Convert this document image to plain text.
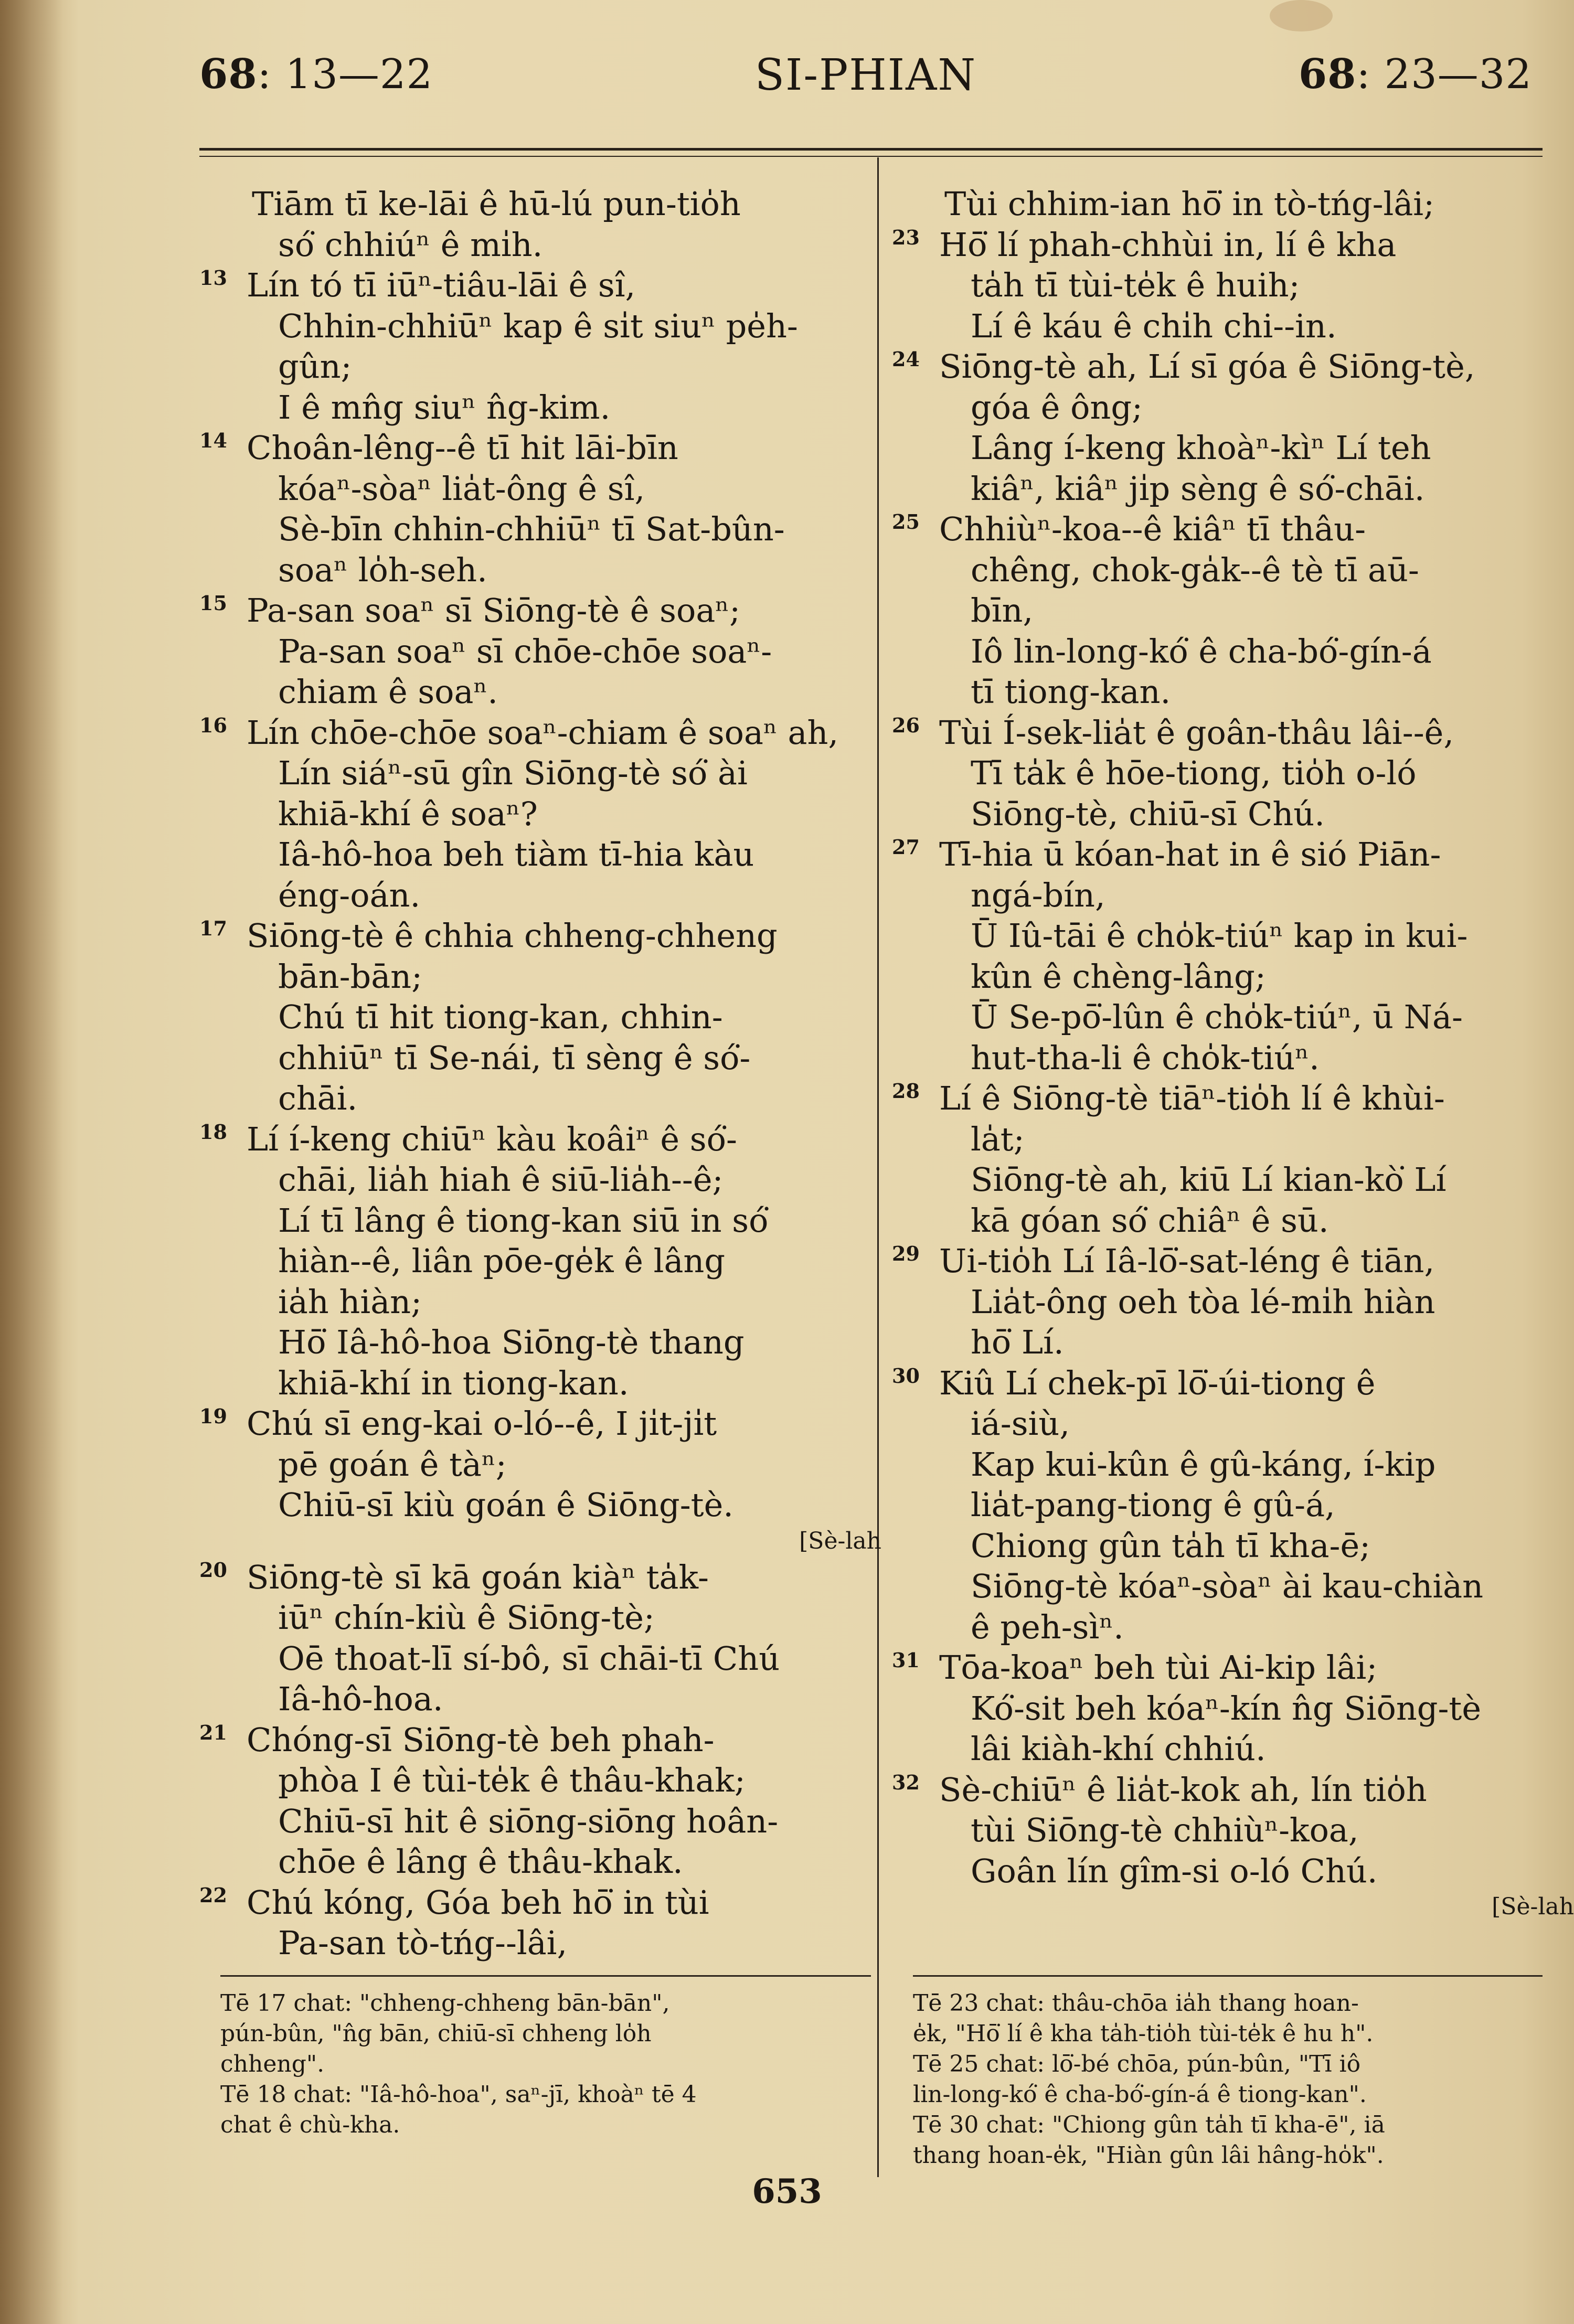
68: 13—22	SI-PHIAN	68: 23—32
Tiām tī ke-lāi ê hū-lú pun-tio̍h
só͘ chhiúⁿ ê mi̍h.
13 Lín tó tī iūⁿ-tiâu-lāi ê sî,
Chhin-chhiūⁿ kap ê si̍t siuⁿ pe̍h-
gûn;
I ê mn̂g siuⁿ n̂g-kim.
14 Choân-lêng--ê tī hit lāi-bīn
kóaⁿ-sòaⁿ lia̍t-ông ê sî,
Sè-bīn chhin-chhiūⁿ tī Sat-bûn-
soaⁿ lo̍h-seh.
15 Pa-san soaⁿ sī Siōng-tè ê soaⁿ;
Pa-san soaⁿ sī chōe-chōe soaⁿ-
chiam ê soaⁿ.
16 Lín chōe-chōe soaⁿ-chiam ê soaⁿ ah,
Lín siáⁿ-sū gîn Siōng-tè só͘ ài
khiā-khí ê soaⁿ?
Iâ-hô-hoa beh tiàm tī-hia kàu
éng-oán.
17 Siōng-tè ê chhia chheng-chheng
bān-bān;
Chú tī hit tiong-kan, chhin-
chhiūⁿ tī Se-nái, tī sèng ê só͘-
chāi.
18 Lí í-keng chiūⁿ kàu koâiⁿ ê só͘-
chāi, lia̍h hiah ê siū-lia̍h--ê;
Lí tī lâng ê tiong-kan siū in só͘
hiàn--ê, liân pōe-ge̍k ê lâng
ia̍h hiàn;
Hō͘ Iâ-hô-hoa Siōng-tè thang
khiā-khí in tiong-kan.
19 Chú sī eng-kai o-ló--ê, I ji̍t-ji̍t
pē goán ê tàⁿ;
Chiū-sī kiù goán ê Siōng-tè.
[Sè-lah
20 Siōng-tè sī kā goán kiàⁿ ta̍k-
iūⁿ chín-kiù ê Siōng-tè;
Oē thoat-lī sí-bô, sī chāi-tī Chú
Iâ-hô-hoa.
21 Chóng-sī Siōng-tè beh phah-
phòa I ê tùi-te̍k ê thâu-khak;
Chiū-sī hit ê siōng-siōng hoân-
chōe ê lâng ê thâu-khak.
22 Chú kóng, Góa beh hō͘ in tùi
Pa-san tò-tńg--lâi,
Tùi chhim-ian hō͘ in tò-tńg-lâi;
23 Hō͘ lí phah-chhùi in, lí ê kha
ta̍h tī tùi-te̍k ê huih;
Lí ê káu ê chi̍h chi--in.
24 Siōng-tè ah, Lí sī góa ê Siōng-tè,
góa ê ông;
Lâng í-keng khoàⁿ-kìⁿ Lí teh
kiâⁿ, kiâⁿ ji̍p sèng ê só͘-chāi.
25 Chhiùⁿ-koa--ê kiâⁿ tī thâu-
chêng, chok-ga̍k--ê tè tī aū-
bīn,
Iô lin-long-kó͘ ê cha-bó͘-gín-á
tī tiong-kan.
26 Tùi Í-sek-lia̍t ê goân-thâu lâi--ê,
Tī ta̍k ê hōe-tiong, tio̍h o-ló
Siōng-tè, chiū-sī Chú.
27 Tī-hia ū kóan-hat in ê sió Piān-
ngá-bín,
Ū Iû-tāi ê cho̍k-tiúⁿ kap in kui-
kûn ê chèng-lâng;
Ū Se-pō͘-lûn ê cho̍k-tiúⁿ, ū Ná-
hut-tha-li ê cho̍k-tiúⁿ.
28 Lí ê Siōng-tè tiāⁿ-tio̍h lí ê khùi-
la̍t;
Siōng-tè ah, kiū Lí kian-kò͘ Lí
kā góan só͘ chiâⁿ ê sū.
29 Ui-tio̍h Lí Iâ-lō͘-sat-léng ê tiān,
Lia̍t-ông oeh tòa lé-mi̍h hiàn
hō͘ Lí.
30 Kiû Lí chek-pī lō͘-úi-tiong ê
iá-siù,
Kap kui-kûn ê gû-káng, í-kip
lia̍t-pang-tiong ê gû-á,
Chiong gûn ta̍h tī kha-ē;
Siōng-tè kóaⁿ-sòaⁿ ài kau-chiàn
ê peh-sìⁿ.
31 Tōa-koaⁿ beh tùi Ai-kip lâi;
Kó͘-sit beh kóaⁿ-kín n̂g Siōng-tè
lâi kiàh-khí chhiú.
32 Sè-chiūⁿ ê lia̍t-kok ah, lín tio̍h
tùi Siōng-tè chhiùⁿ-koa,
Goân lín gîm-si o-ló Chú.
[Sè-lah

Tē 17 chat: "chheng-chheng bān-bān",

pún-bûn, "n̂g bān, chiū-sī chheng lo̍h

chheng".

Tē 18 chat: "Iâ-hô-hoa", saⁿ-jī, khoàⁿ tē 4

chat ê chù-kha.

Tē 23 chat: thâu-chōa ia̍h thang hoan-

e̍k, "Hō͘ lí ê kha ta̍h-tio̍h tùi-te̍k ê hu h".

Tē 25 chat: lō͘-bé chōa, pún-bûn, "Tī iô

lin-long-kó͘ ê cha-bó͘-gín-á ê tiong-kan".

Tē 30 chat: "Chiong gûn ta̍h tī kha-ē", iā

thang hoan-e̍k, "Hiàn gûn lâi hâng-ho̍k".

653
